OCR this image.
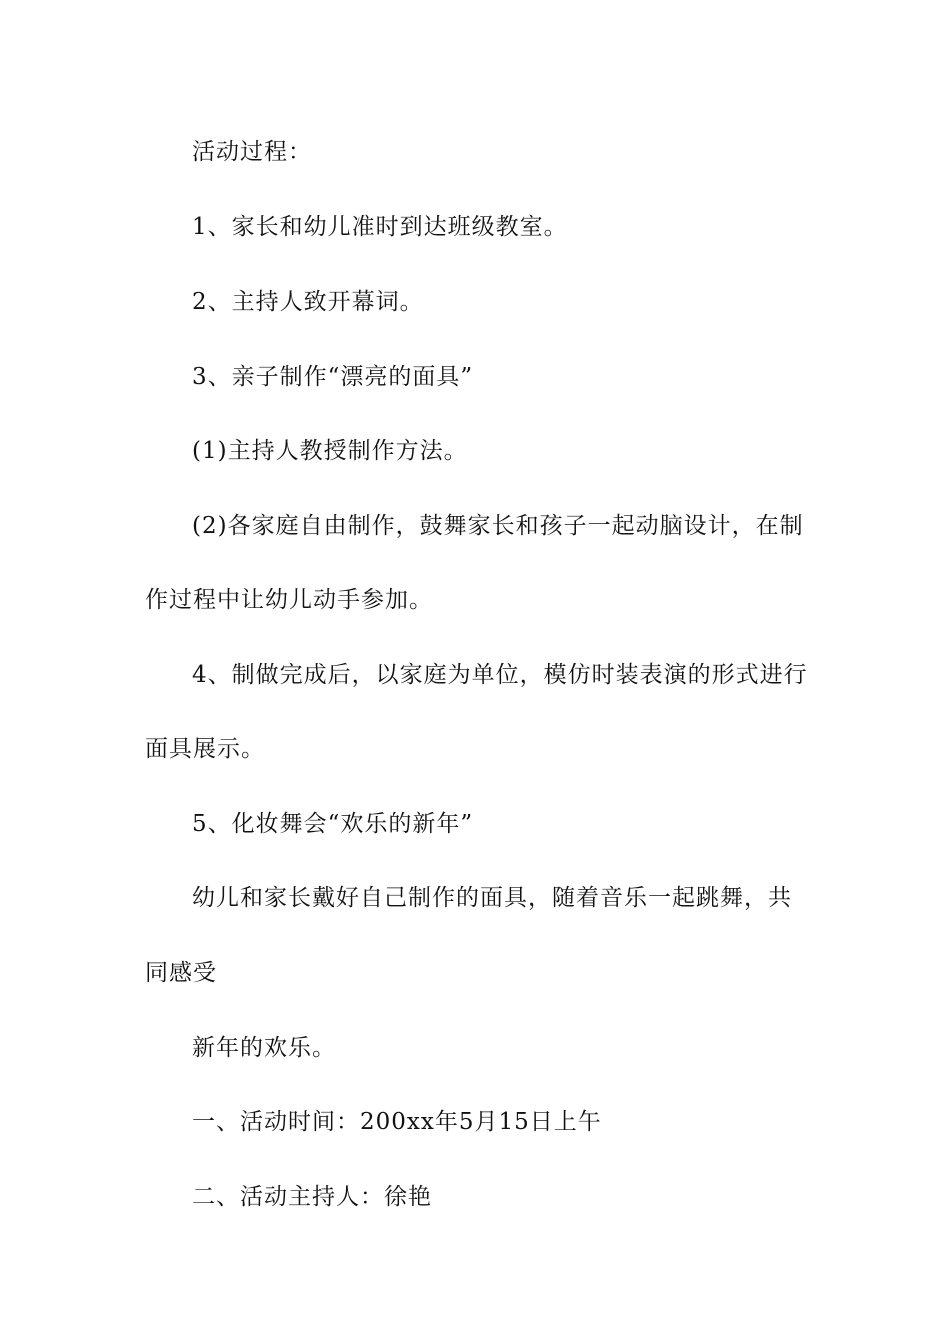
活动过程：
1、家长和幼儿准时到达班级教室。
2、主持人致开幕词。
3、亲子制作“漂亮的面具”
(1)主持人教授制作方法。
(2)各家庭自由制作，鼓舞家长和孩子一起动脑设计，在制
作过程中让幼儿动手参加。
4、制做完成后，以家庭为单位，模仿时装表演的形式进行
面具展示。
5、化妆舞会“欢乐的新年”
幼儿和家长戴好自己制作的面具，随着音乐一起跳舞，共
同感受
新年的欢乐。
一、活动时间：200xx年5月15日上午
二、活动主持人：徐艳
